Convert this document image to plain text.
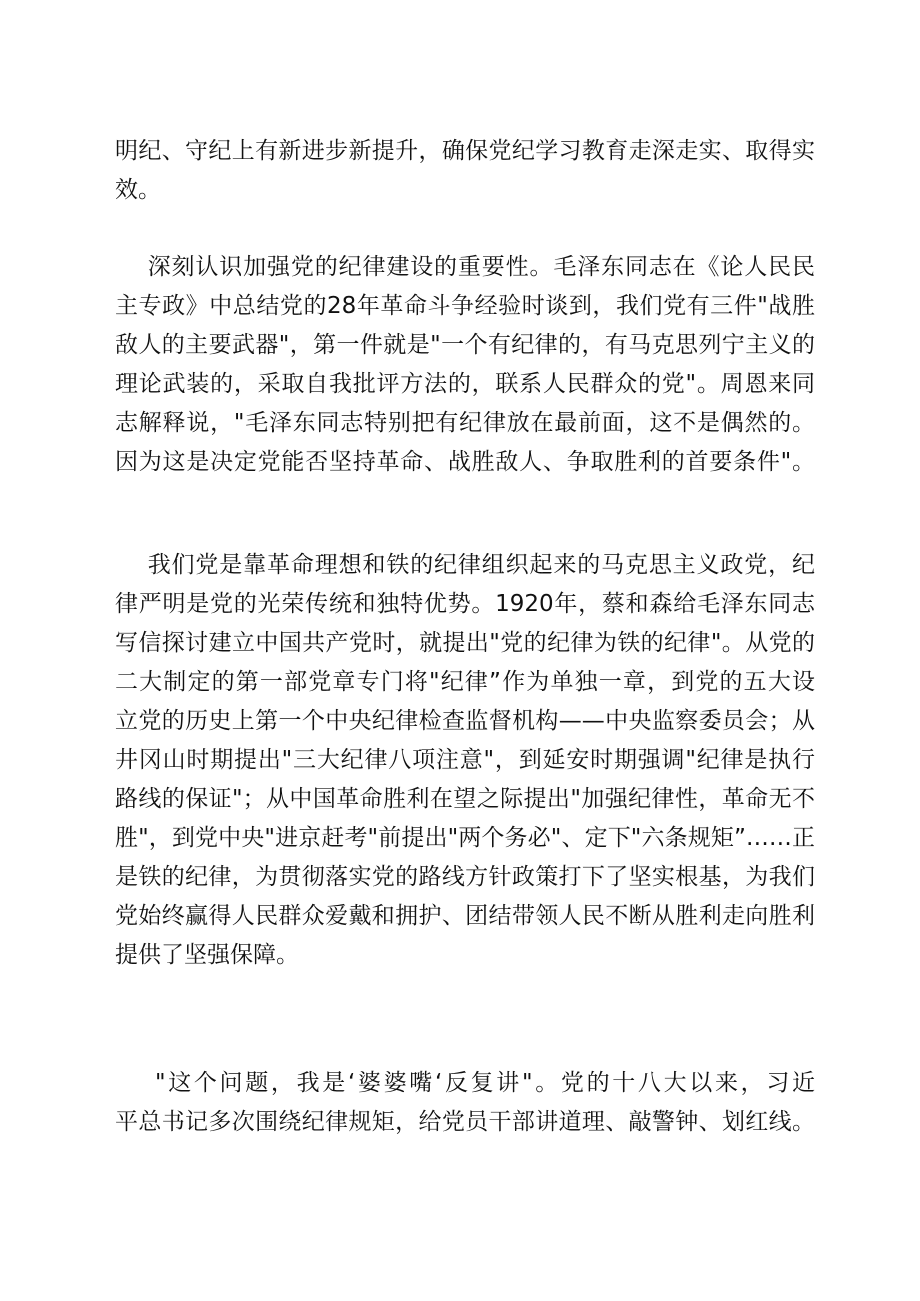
明纪、守纪上有新进步新提升，确保党纪学习教育走深走实、取得实
效。
深刻认识加强党的纪律建设的重要性。毛泽东同志在《论人民民
主专政》中总结党的28年革命斗争经验时谈到，我们党有三件"战胜
敌人的主要武器"，第一件就是"一个有纪律的，有马克思列宁主义的
理论武装的，采取自我批评方法的，联系人民群众的党"。周恩来同
志解释说，"毛泽东同志特别把有纪律放在最前面，这不是偶然的。
因为这是决定党能否坚持革命、战胜敌人、争取胜利的首要条件"。
我们党是靠革命理想和铁的纪律组织起来的马克思主义政党，纪
律严明是党的光荣传统和独特优势。1920年，蔡和森给毛泽东同志
写信探讨建立中国共产党时，就提出"党的纪律为铁的纪律"。从党的
二大制定的第一部党章专门将"纪律”作为单独一章，到党的五大设
立党的历史上第一个中央纪律检查监督机构——中央监察委员会；从
井冈山时期提出"三大纪律八项注意"，到延安时期强调"纪律是执行
路线的保证"；从中国革命胜利在望之际提出"加强纪律性，革命无不
胜"，到党中央"进京赶考"前提出"两个务必"、定下"六条规矩”……正
是铁的纪律，为贯彻落实党的路线方针政策打下了坚实根基，为我们
党始终赢得人民群众爱戴和拥护、团结带领人民不断从胜利走向胜利
提供了坚强保障。
"这个问题，我是‘婆婆嘴‘反复讲"。党的十八大以来，习近
平总书记多次围绕纪律规矩，给党员干部讲道理、敲警钟、划红线。
